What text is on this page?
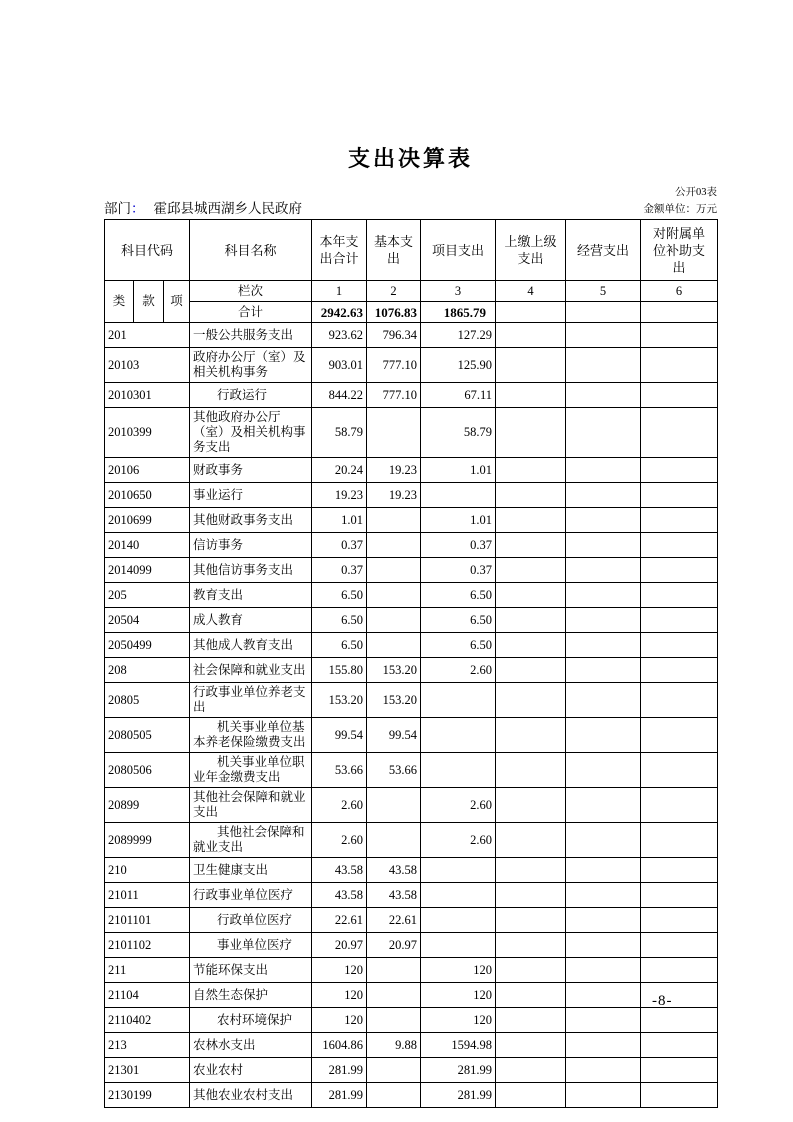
支出决算表
公开03表
部门： 霍邱县城西湖乡人民政府	金额单位：万元
科目代码			科目名称	本年支出合计	基本支出	项目支出	上缴上级支出	经营支出	对附属单位补助支出
类	款	项	栏次	1	2	3	4	5	6
			合计	2942.63	1076.83	1865.79			
201			一般公共服务支出	923.62	796.34	127.29			
20103			政府办公厅（室）及相关机构事务	903.01	777.10	125.90			
2010301			行政运行	844.22	777.10	67.11			
2010399			其他政府办公厅（室）及相关机构事务支出	58.79		58.79			
20106			财政事务	20.24	19.23	1.01			
2010650			事业运行	19.23	19.23				
2010699			其他财政事务支出	1.01		1.01			
20140			信访事务	0.37		0.37			
2014099			其他信访事务支出	0.37		0.37			
205			教育支出	6.50		6.50			
20504			成人教育	6.50		6.50			
2050499			其他成人教育支出	6.50		6.50			
208			社会保障和就业支出	155.80	153.20	2.60			
20805			行政事业单位养老支出	153.20	153.20				
2080505			机关事业单位基本养老保险缴费支出	99.54	99.54				
2080506			机关事业单位职业年金缴费支出	53.66	53.66				
20899			其他社会保障和就业支出	2.60		2.60			
2089999			其他社会保障和就业支出	2.60		2.60			
210			卫生健康支出	43.58	43.58				
21011			行政事业单位医疗	43.58	43.58				
2101101			行政单位医疗	22.61	22.61				
2101102			事业单位医疗	20.97	20.97				
211			节能环保支出	120		120			
21104			自然生态保护	120		120			
2110402			农村环境保护	120		120			
213			农林水支出	1604.86	9.88	1594.98			
21301			农业农村	281.99		281.99			
2130199			其他农业农村支出	281.99		281.99			
-8-
